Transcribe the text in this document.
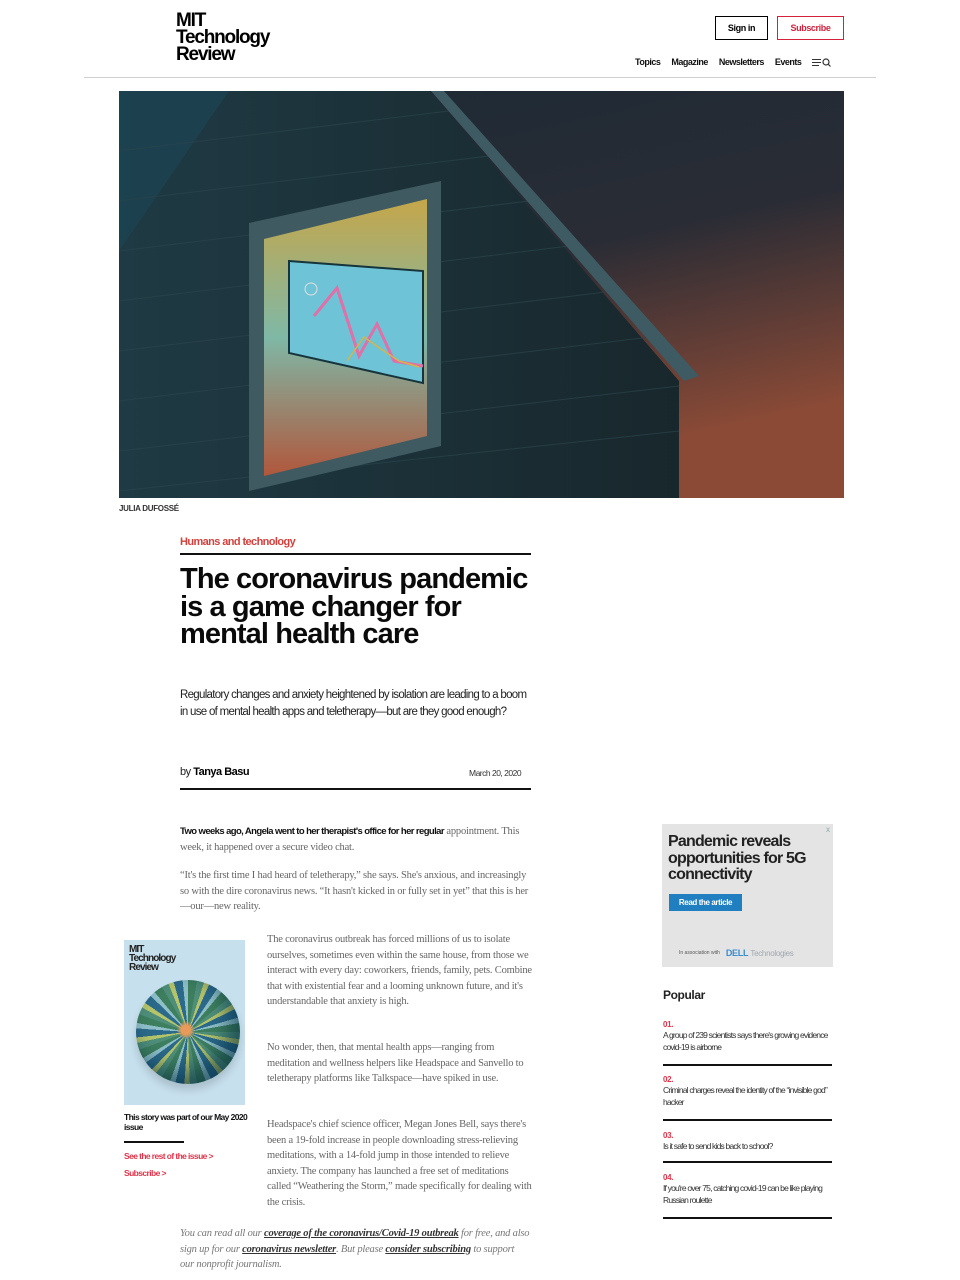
MIT
Technology
Review
Sign in	Subscribe
Topics Magazine Newsletters Events
JULIA DUFOSSÉ
Humans and technology
The coronavirus pandemic is a game changer for mental health care

Regulatory changes and anxiety heightened by isolation are leading to a boom in use of mental health apps and teletherapy—but are they good enough?

by Tanya Basu	March 20, 2020

Two weeks ago, Angela went to her therapist's office for her regular appointment. This week, it happened over a secure video chat.

“It's the first time I had heard of teletherapy,” she says. She's anxious, and increasingly so with the dire coronavirus news. “It hasn't kicked in or fully set in yet” that this is her—our—new reality.

The coronavirus outbreak has forced millions of us to isolate ourselves, sometimes even within the same house, from those we interact with every day: coworkers, friends, family, pets. Combine that with existential fear and a looming unknown future, and it's understandable that anxiety is high.

No wonder, then, that mental health apps—ranging from meditation and wellness helpers like Headspace and Sanvello to teletherapy platforms like Talkspace—have spiked in use.

Headspace's chief science officer, Megan Jones Bell, says there's been a 19-fold increase in people downloading stress-relieving meditations, with a 14-fold jump in those intended to relieve anxiety. The company has launched a free set of meditations called “Weathering the Storm,” made specifically for dealing with the crisis.

You can read all our coverage of the coronavirus/Covid-19 outbreak for free, and also sign up for our coronavirus newsletter. But please consider subscribing to support our nonprofit journalism.

MIT
Technology
Review
This story was part of our May 2020 issue
See the rest of the issue >
Subscribe >
x
Pandemic reveals opportunities for 5G connectivity
Read the article
In association with DELL Technologies
Popular
01.
A group of 239 scientists says there's growing evidence covid-19 is airborne
02.
Criminal charges reveal the identity of the “invisible god” hacker
03.
Is it safe to send kids back to school?
04.
If you're over 75, catching covid-19 can be like playing Russian roulette
